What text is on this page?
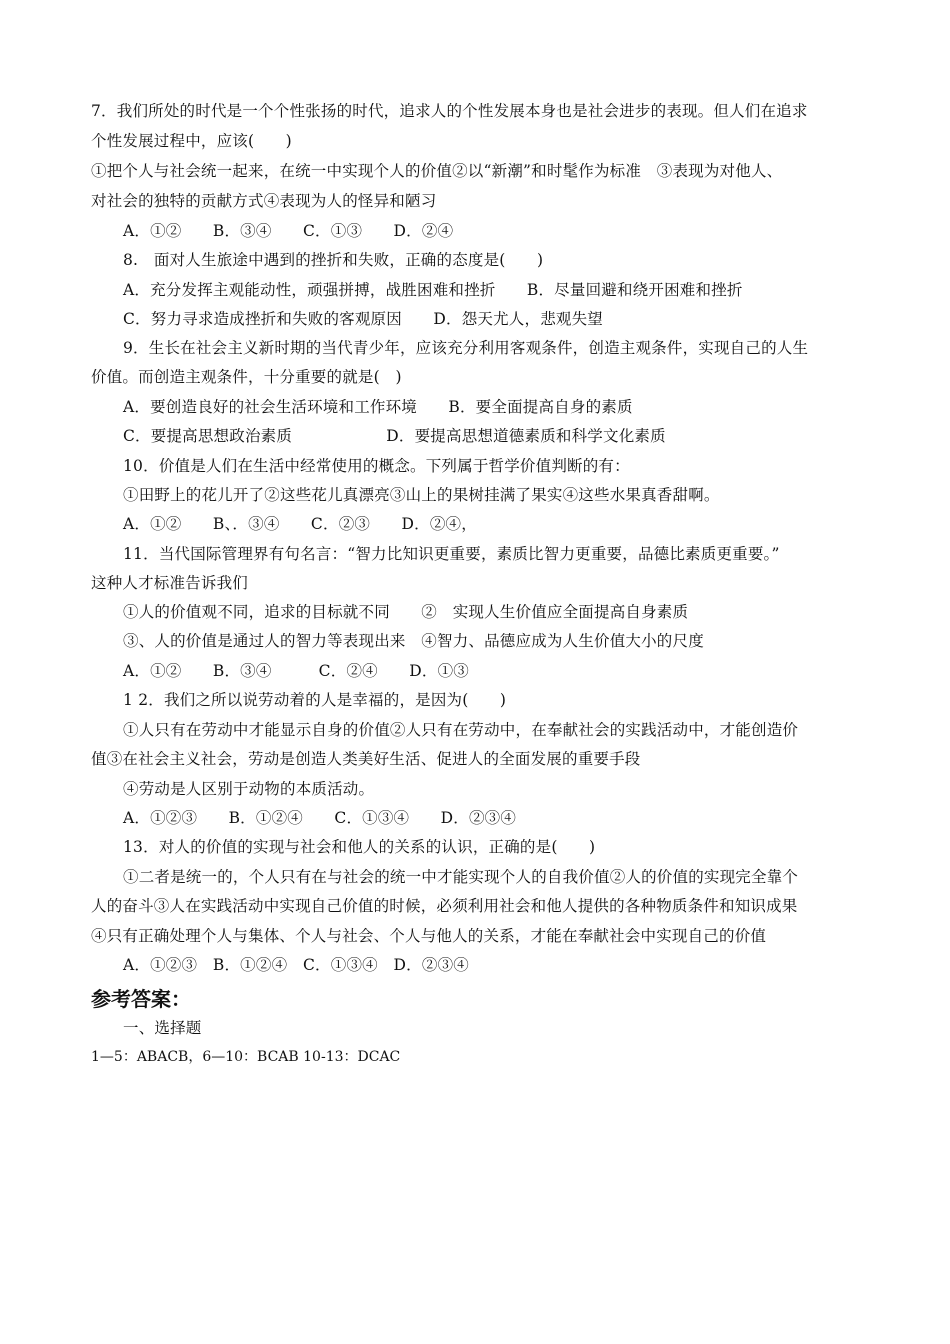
7．我们所处的时代是一个个性张扬的时代，追求人的个性发展本身也是社会进步的表现。但人们在追求
个性发展过程中，应该(　　)
①把个人与社会统一起来，在统一中实现个人的价值②以“新潮”和时髦作为标准　③表现为对他人、
对社会的独特的贡献方式④表现为人的怪异和陋习
A．①②　　B．③④　　C．①③　　D．②④
8.　面对人生旅途中遇到的挫折和失败，正确的态度是(　　)
A．充分发挥主观能动性，顽强拼搏，战胜困难和挫折　　B．尽量回避和绕开困难和挫折
C．努力寻求造成挫折和失败的客观原因　　D．怨天尤人，悲观失望
9．生长在社会主义新时期的当代青少年，应该充分利用客观条件，创造主观条件，实现自己的人生
价值。而创造主观条件，十分重要的就是(　)
A．要创造良好的社会生活环境和工作环境　　B．要全面提高自身的素质
C．要提高思想政治素质　　　　　　D．要提高思想道德素质和科学文化素质
10．价值是人们在生活中经常使用的概念。下列属于哲学价值判断的有：
①田野上的花儿开了②这些花儿真漂亮③山上的果树挂满了果实④这些水果真香甜啊。
A．①②　　B、．③④　　C．②③　　D．②④，
11．当代国际管理界有句名言：“智力比知识更重要，素质比智力更重要，品德比素质更重要。”
这种人才标准告诉我们
①人的价值观不同，追求的目标就不同　　②　实现人生价值应全面提高自身素质
③、人的价值是通过人的智力等表现出来　④智力、品德应成为人生价值大小的尺度
A．①②　　B．③④　　　C．②④　　D．①③
1 2．我们之所以说劳动着的人是幸福的，是因为(　　)
①人只有在劳动中才能显示自身的价值②人只有在劳动中，在奉献社会的实践活动中，才能创造价
值③在社会主义社会，劳动是创造人类美好生活、促进人的全面发展的重要手段
④劳动是人区别于动物的本质活动。
A．①②③　　B．①②④　　C．①③④　　D．②③④
13．对人的价值的实现与社会和他人的关系的认识，正确的是(　　)
①二者是统一的，个人只有在与社会的统一中才能实现个人的自我价值②人的价值的实现完全靠个
人的奋斗③人在实践活动中实现自己价值的时候，必须利用社会和他人提供的各种物质条件和知识成果
④只有正确处理个人与集体、个人与社会、个人与他人的关系，才能在奉献社会中实现自己的价值
A．①②③　B．①②④　C．①③④　D．②③④
参考答案：
一、选择题
1—5：ABACB，6—10：BCAB 10-13：DCAC
